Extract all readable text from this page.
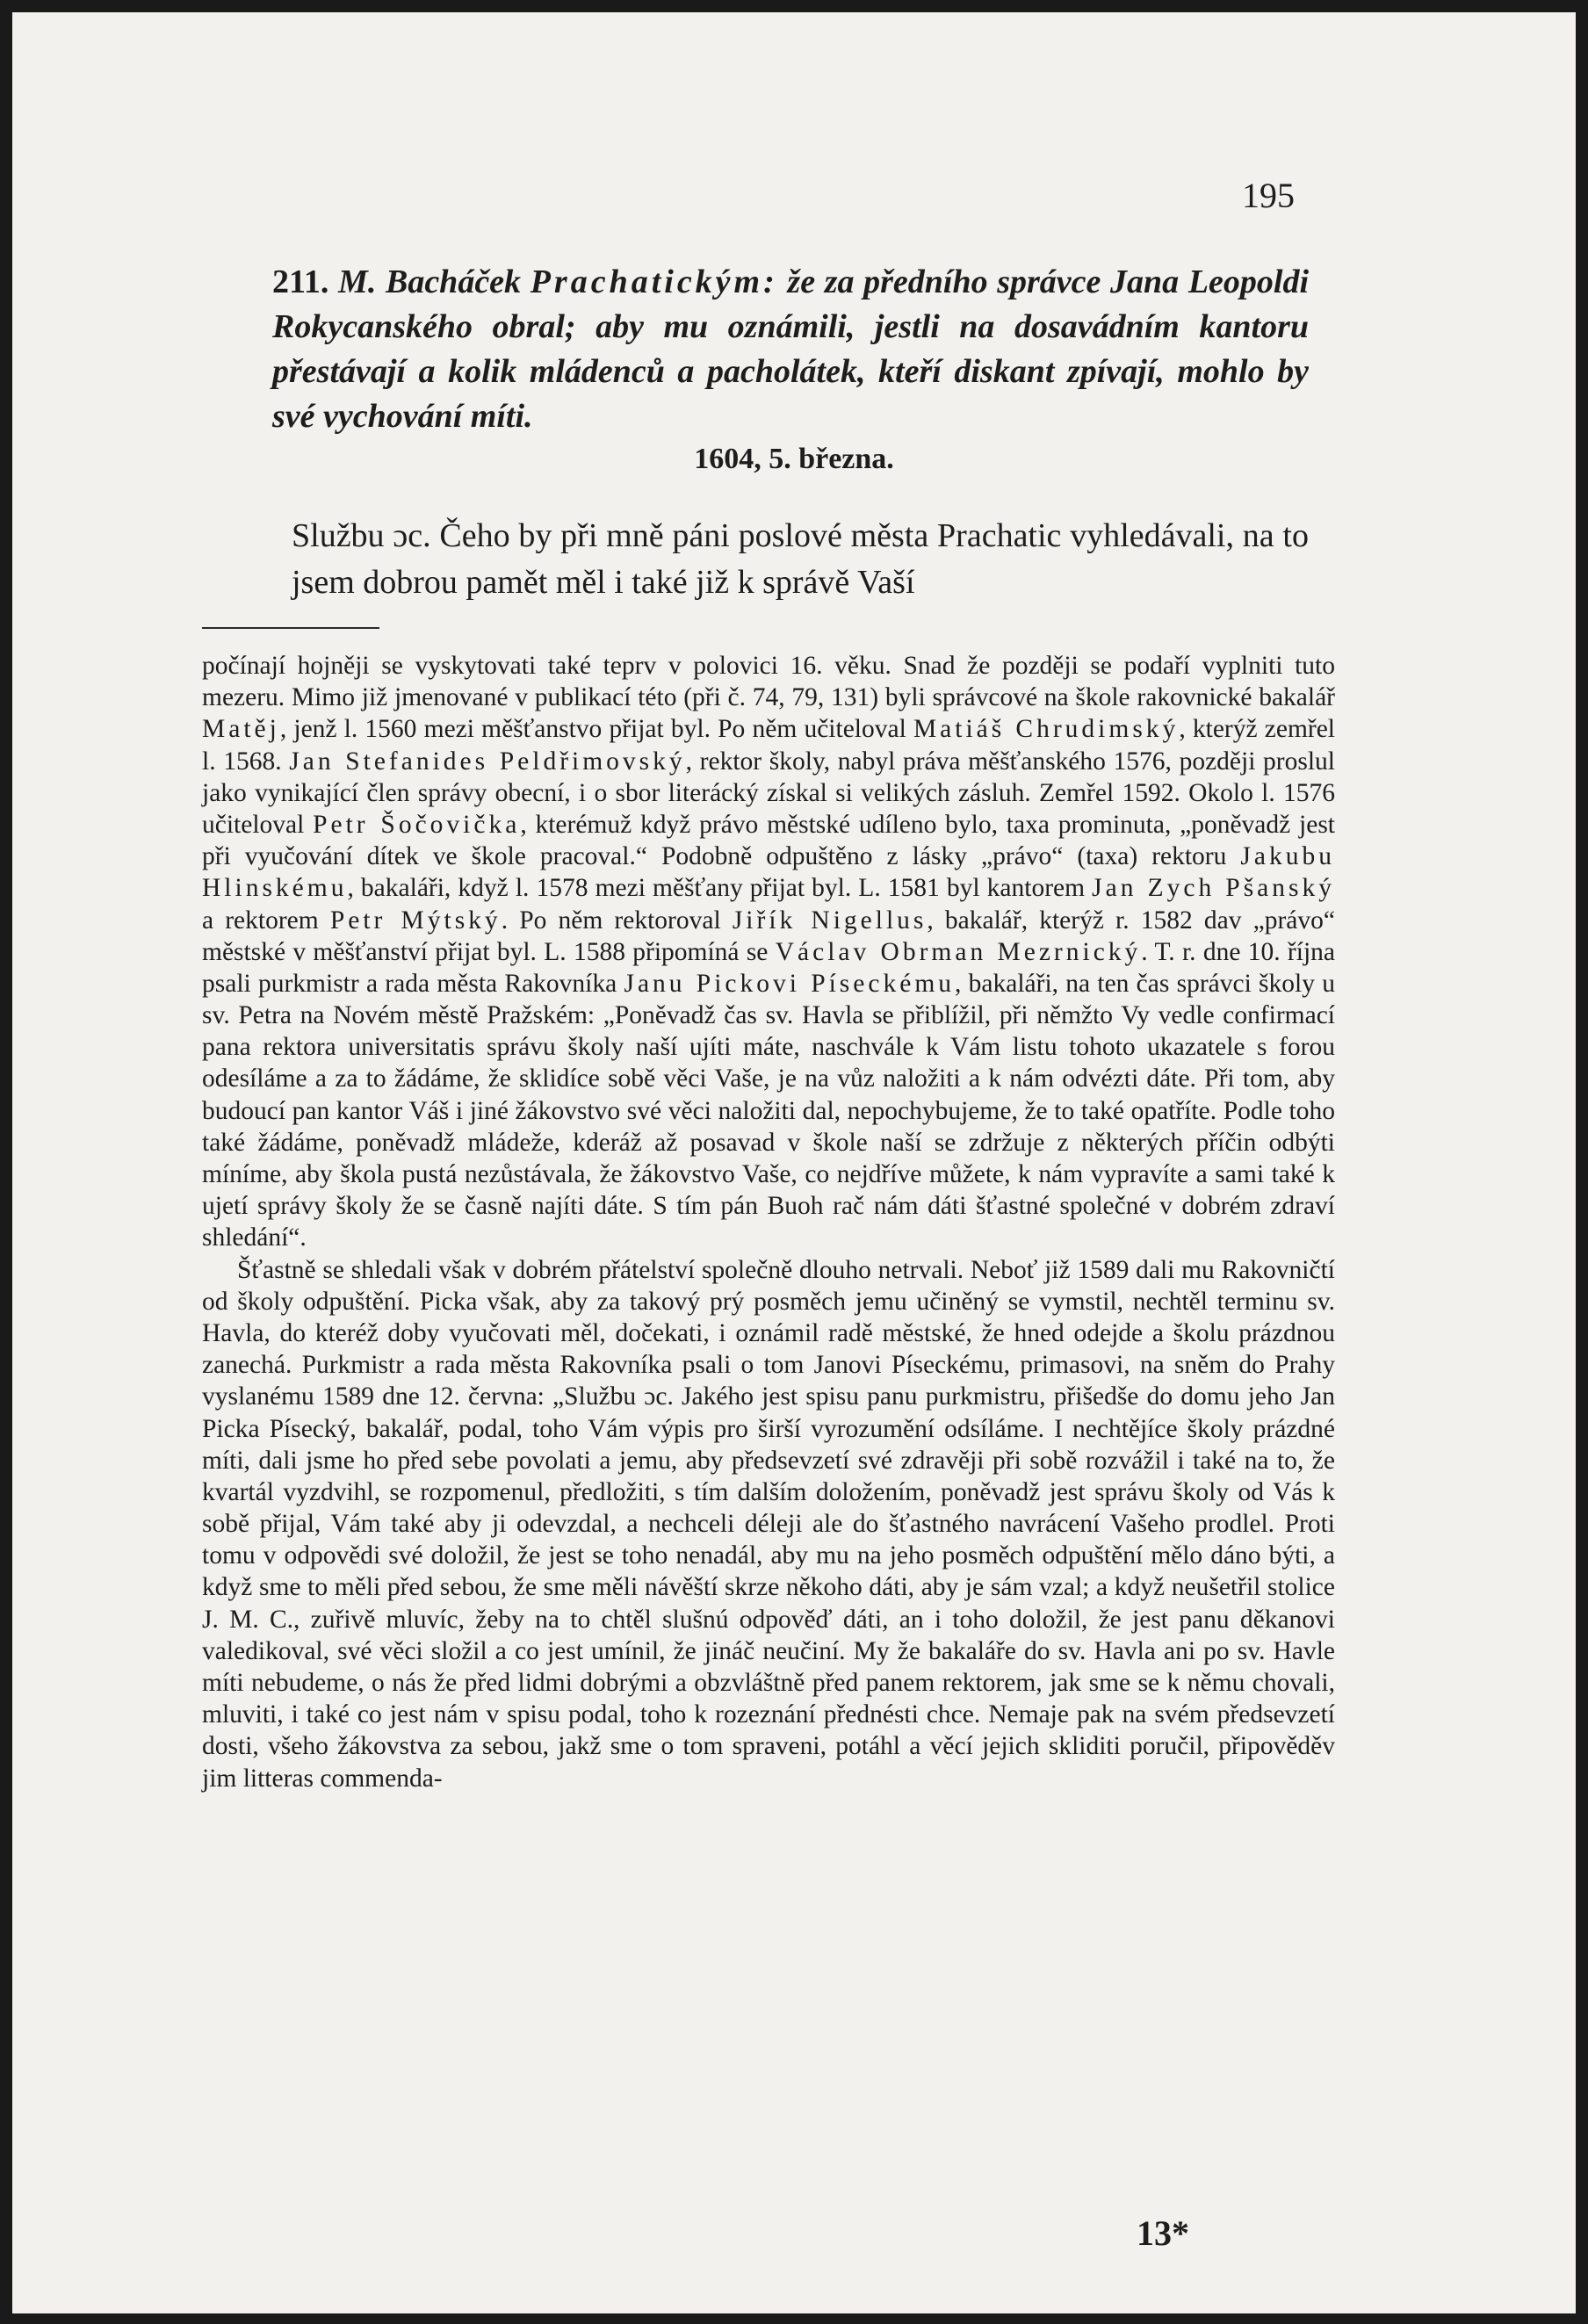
195
211. M. Bacháček Prachatickým: že za předního správce Jana Leopoldi Rokycanského obral; aby mu oznámili, jestli na dosavádním kantoru přestávají a kolik mládenců a pacholátek, kteří diskant zpívají, mohlo by své vychování míti.
1604, 5. března.
Službu ɔc. Čeho by při mně páni poslové města Prachatic vyhledávali, na to jsem dobrou pamět měl i také již k správě Vaší

počínají hojněji se vyskytovati také teprv v polovici 16. věku. Snad že později se podaří vyplniti tuto mezeru. Mimo již jmenované v publikací této (při č. 74, 79, 131) byli správcové na škole rakovnické bakalář Matěj, jenž l. 1560 mezi měšťanstvo přijat byl. Po něm učiteloval Matiáš Chrudimský, kterýž zemřel l. 1568. Jan Stefanides Peldřimovský, rektor školy, nabyl práva měšťanského 1576, později proslul jako vynikající člen správy obecní, i o sbor literácký získal si velikých zásluh. Zemřel 1592. Okolo l. 1576 učiteloval Petr Šočovička, kterémuž když právo městské udíleno bylo, taxa prominuta, „poněvadž jest při vyučování dítek ve škole pracoval.“ Podobně odpuštěno z lásky „právo“ (taxa) rektoru Jakubu Hlinskému, bakaláři, když l. 1578 mezi měšťany přijat byl. L. 1581 byl kantorem Jan Zych Pšanský a rektorem Petr Mýtský. Po něm rektoroval Jiřík Nigellus, bakalář, kterýž r. 1582 dav „právo“ městské v měšťanství přijat byl. L. 1588 připomíná se Václav Obrman Mezrnický. T. r. dne 10. října psali purkmistr a rada města Rakovníka Janu Pickovi Píseckému, bakaláři, na ten čas správci školy u sv. Petra na Novém městě Pražském: „Poněvadž čas sv. Havla se přiblížil, při němžto Vy vedle confirmací pana rektora universitatis správu školy naší ujíti máte, naschvále k Vám listu tohoto ukazatele s forou odesíláme a za to žádáme, že sklidíce sobě věci Vaše, je na vůz naložiti a k nám odvézti dáte. Při tom, aby budoucí pan kantor Váš i jiné žákovstvo své věci naložiti dal, nepochybujeme, že to také opatříte. Podle toho také žádáme, poněvadž mládeže, kderáž až posavad v škole naší se zdržuje z některých příčin odbýti míníme, aby škola pustá nezůstávala, že žákovstvo Vaše, co nejdříve můžete, k nám vypravíte a sami také k ujetí správy školy že se časně najíti dáte. S tím pán Buoh rač nám dáti šťastné společné v dobrém zdraví shledání“.

Šťastně se shledali však v dobrém přátelství společně dlouho netrvali. Neboť již 1589 dali mu Rakovničtí od školy odpuštění. Picka však, aby za takový prý posměch jemu učiněný se vymstil, nechtěl terminu sv. Havla, do kteréž doby vyučovati měl, dočekati, i oznámil radě městské, že hned odejde a školu prázdnou zanechá. Purkmistr a rada města Rakovníka psali o tom Janovi Píseckému, primasovi, na sněm do Prahy vyslanému 1589 dne 12. června: „Službu ɔc. Jakého jest spisu panu purkmistru, přišedše do domu jeho Jan Picka Písecký, bakalář, podal, toho Vám výpis pro širší vyrozumění odsíláme. I nechtějíce školy prázdné míti, dali jsme ho před sebe povolati a jemu, aby předsevzetí své zdravěji při sobě rozvážil i také na to, že kvartál vyzdvihl, se rozpomenul, předložiti, s tím dalším doložením, poněvadž jest správu školy od Vás k sobě přijal, Vám také aby ji odevzdal, a nechceli déleji ale do šťastného navrácení Vašeho prodlel. Proti tomu v odpovědi své doložil, že jest se toho nenadál, aby mu na jeho posměch odpuštění mělo dáno býti, a když sme to měli před sebou, že sme měli návěští skrze někoho dáti, aby je sám vzal; a když neušetřil stolice J. M. C., zuřivě mluvíc, žeby na to chtěl slušnú odpověď dáti, an i toho doložil, že jest panu děkanovi valedikoval, své věci složil a co jest umínil, že jináč neučiní. My že bakaláře do sv. Havla ani po sv. Havle míti nebudeme, o nás že před lidmi dobrými a obzvláštně před panem rektorem, jak sme se k němu chovali, mluviti, i také co jest nám v spisu podal, toho k rozeznání přednésti chce. Nemaje pak na svém předsevzetí dosti, všeho žákovstva za sebou, jakž sme o tom spraveni, potáhl a věcí jejich skliditi poručil, připověděv jim litteras commenda-

13*
